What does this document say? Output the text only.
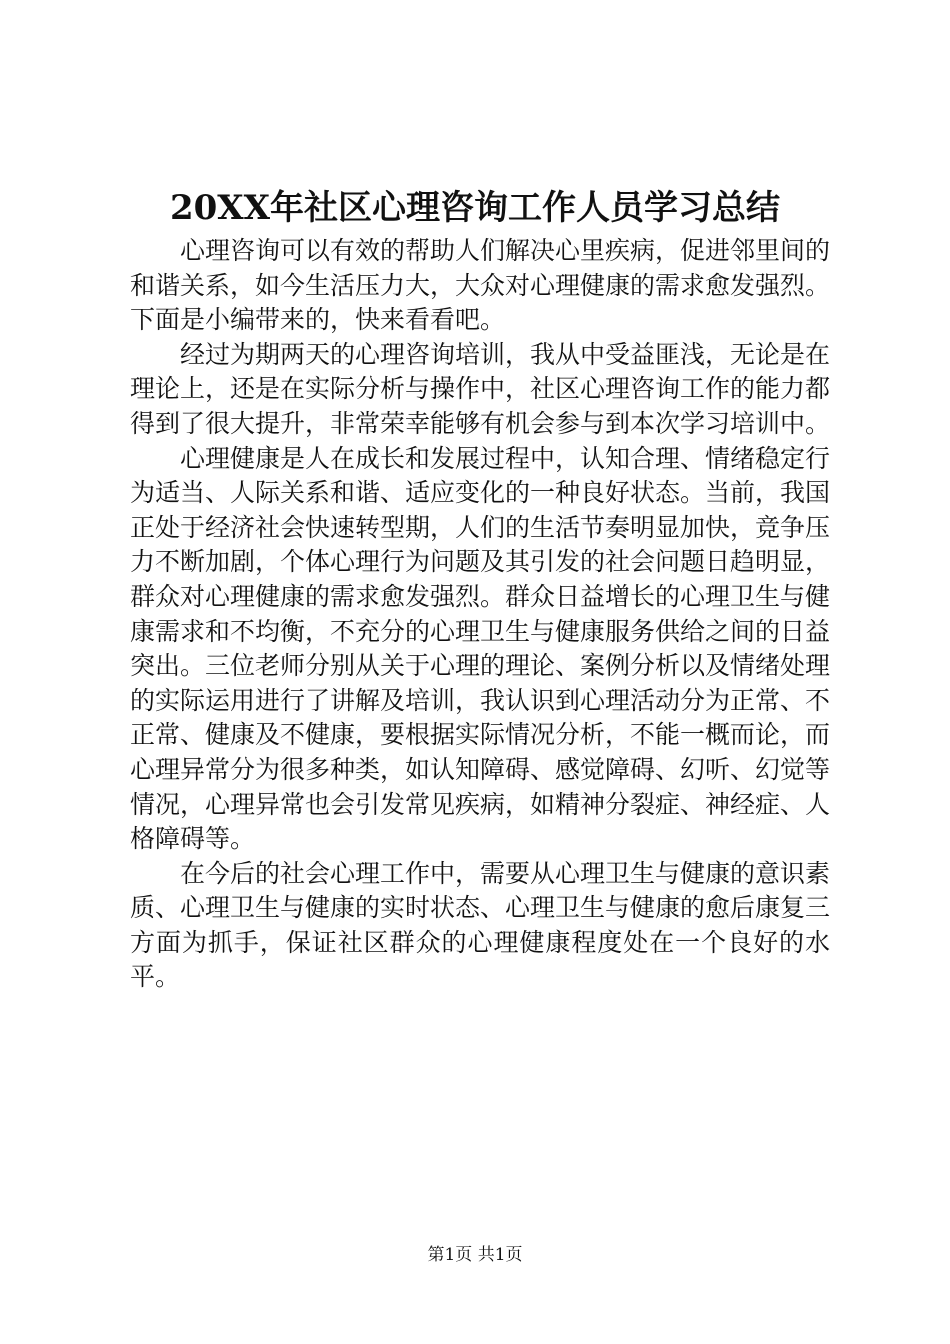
20XX年社区心理咨询工作人员学习总结

心理咨询可以有效的帮助人们解决心里疾病，促进邻里间的和谐关系，如今生活压力大，大众对心理健康的需求愈发强烈。下面是小编带来的，快来看看吧。

经过为期两天的心理咨询培训，我从中受益匪浅，无论是在理论上，还是在实际分析与操作中，社区心理咨询工作的能力都得到了很大提升，非常荣幸能够有机会参与到本次学习培训中。

心理健康是人在成长和发展过程中，认知合理、情绪稳定行为适当、人际关系和谐、适应变化的一种良好状态。当前，我国正处于经济社会快速转型期，人们的生活节奏明显加快，竞争压力不断加剧，个体心理行为问题及其引发的社会问题日趋明显，群众对心理健康的需求愈发强烈。群众日益增长的心理卫生与健康需求和不均衡，不充分的心理卫生与健康服务供给之间的日益突出。三位老师分别从关于心理的理论、案例分析以及情绪处理的实际运用进行了讲解及培训，我认识到心理活动分为正常、不正常、健康及不健康，要根据实际情况分析，不能一概而论，而心理异常分为很多种类，如认知障碍、感觉障碍、幻听、幻觉等情况，心理异常也会引发常见疾病，如精神分裂症、神经症、人格障碍等。

在今后的社会心理工作中，需要从心理卫生与健康的意识素质、心理卫生与健康的实时状态、心理卫生与健康的愈后康复三方面为抓手，保证社区群众的心理健康程度处在一个良好的水平。

第1页 共1页
